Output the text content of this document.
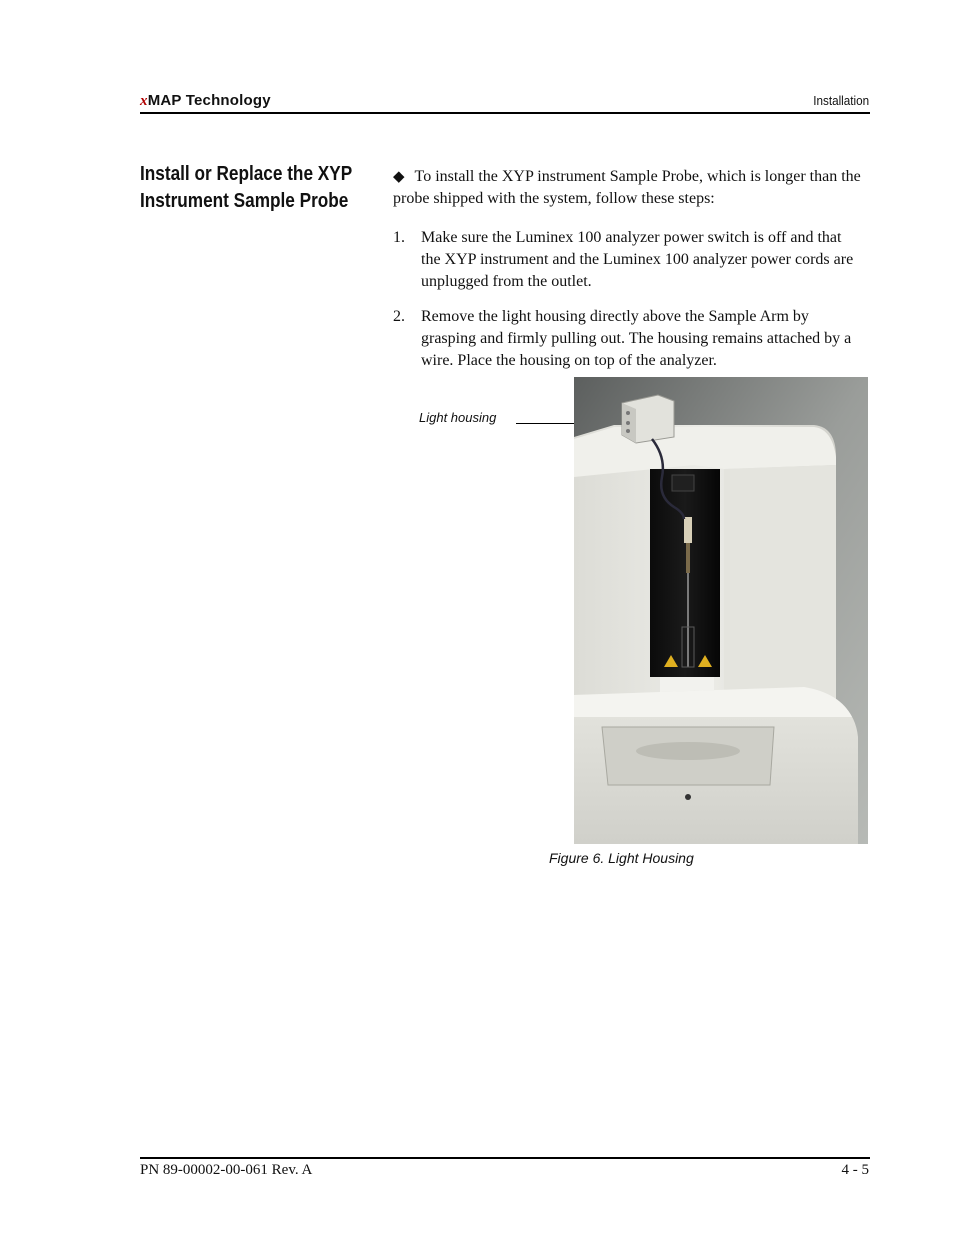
xMAP Technology	Installation
Install or Replace the XYP
Instrument Sample Probe
◆ To install the XYP instrument Sample Probe, which is longer than the probe shipped with the system, follow these steps:
1. Make sure the Luminex 100 analyzer power switch is off and that the XYP instrument and the Luminex 100 analyzer power cords are unplugged from the outlet.
2. Remove the light housing directly above the Sample Arm by grasping and firmly pulling out. The housing remains attached by a wire. Place the housing on top of the analyzer.
Light housing
Figure 6. Light Housing
PN 89-00002-00-061 Rev. A	4 - 5
